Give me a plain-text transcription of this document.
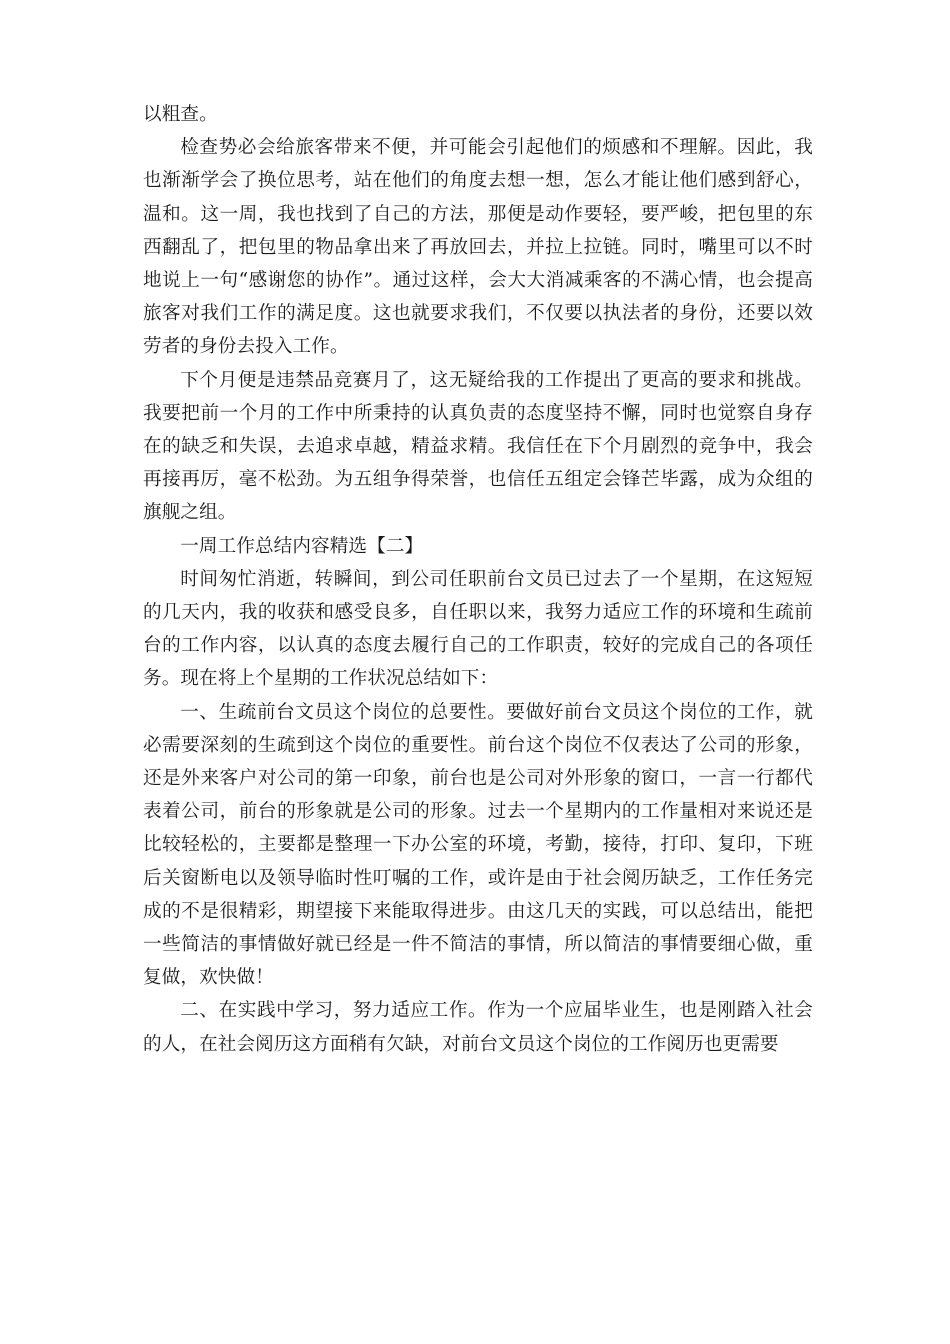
以粗查。

检查势必会给旅客带来不便，并可能会引起他们的烦感和不理解。因此，我也渐渐学会了换位思考，站在他们的角度去想一想，怎么才能让他们感到舒心，温和。这一周，我也找到了自己的方法，那便是动作要轻，要严峻，把包里的东西翻乱了，把包里的物品拿出来了再放回去，并拉上拉链。同时，嘴里可以不时地说上一句“感谢您的协作”。通过这样，会大大消减乘客的不满心情，也会提高旅客对我们工作的满足度。这也就要求我们，不仅要以执法者的身份，还要以效劳者的身份去投入工作。

下个月便是违禁品竞赛月了，这无疑给我的工作提出了更高的要求和挑战。我要把前一个月的工作中所秉持的认真负责的态度坚持不懈，同时也觉察自身存在的缺乏和失误，去追求卓越，精益求精。我信任在下个月剧烈的竞争中，我会再接再厉，毫不松劲。为五组争得荣誉，也信任五组定会锋芒毕露，成为众组的旗舰之组。

一周工作总结内容精选【二】

时间匆忙消逝，转瞬间，到公司任职前台文员已过去了一个星期，在这短短的几天内，我的收获和感受良多，自任职以来，我努力适应工作的环境和生疏前台的工作内容，以认真的态度去履行自己的工作职责，较好的完成自己的各项任务。现在将上个星期的工作状况总结如下：

一、生疏前台文员这个岗位的总要性。要做好前台文员这个岗位的工作，就必需要深刻的生疏到这个岗位的重要性。前台这个岗位不仅表达了公司的形象，还是外来客户对公司的第一印象，前台也是公司对外形象的窗口，一言一行都代表着公司，前台的形象就是公司的形象。过去一个星期内的工作量相对来说还是比较轻松的，主要都是整理一下办公室的环境，考勤，接待，打印、复印，下班后关窗断电以及领导临时性叮嘱的工作，或许是由于社会阅历缺乏，工作任务完成的不是很精彩，期望接下来能取得进步。由这几天的实践，可以总结出，能把一些简洁的事情做好就已经是一件不简洁的事情，所以简洁的事情要细心做，重复做，欢快做！

二、在实践中学习，努力适应工作。作为一个应届毕业生，也是刚踏入社会的人，在社会阅历这方面稍有欠缺，对前台文员这个岗位的工作阅历也更需要
